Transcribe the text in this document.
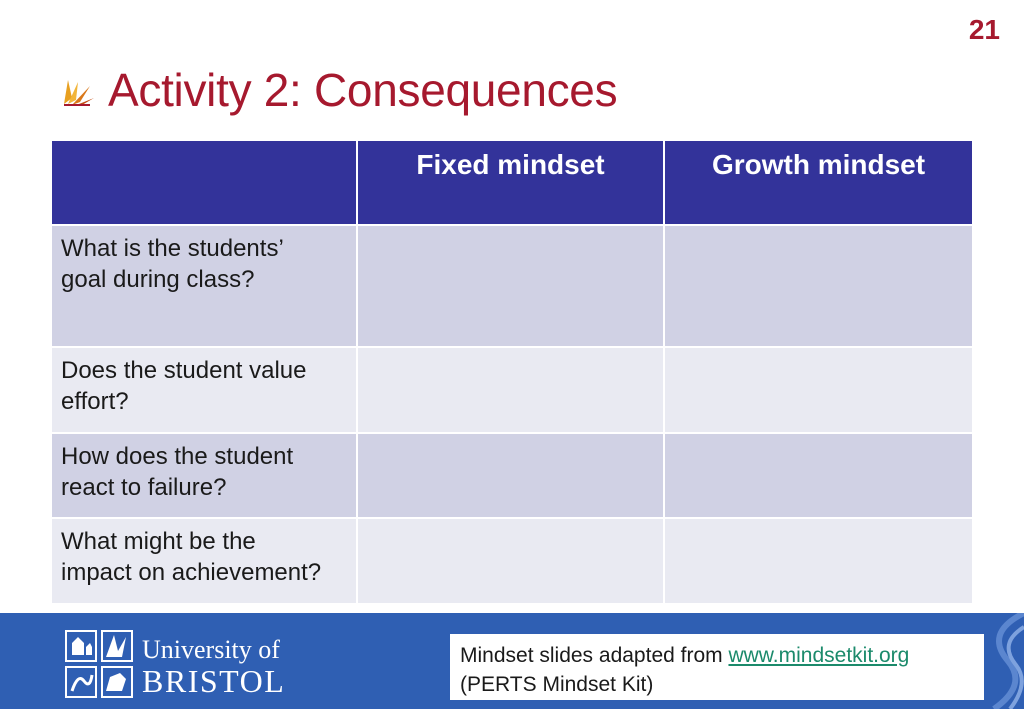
21
Activity 2: Consequences
	Fixed mindset	Growth mindset
What is the students’
goal during class?		
Does the student value
effort?		
How does the student
react to failure?		
What might be the
impact on achievement?		
University of
BRISTOL
Mindset slides adapted from www.mindsetkit.org
(PERTS Mindset Kit)
